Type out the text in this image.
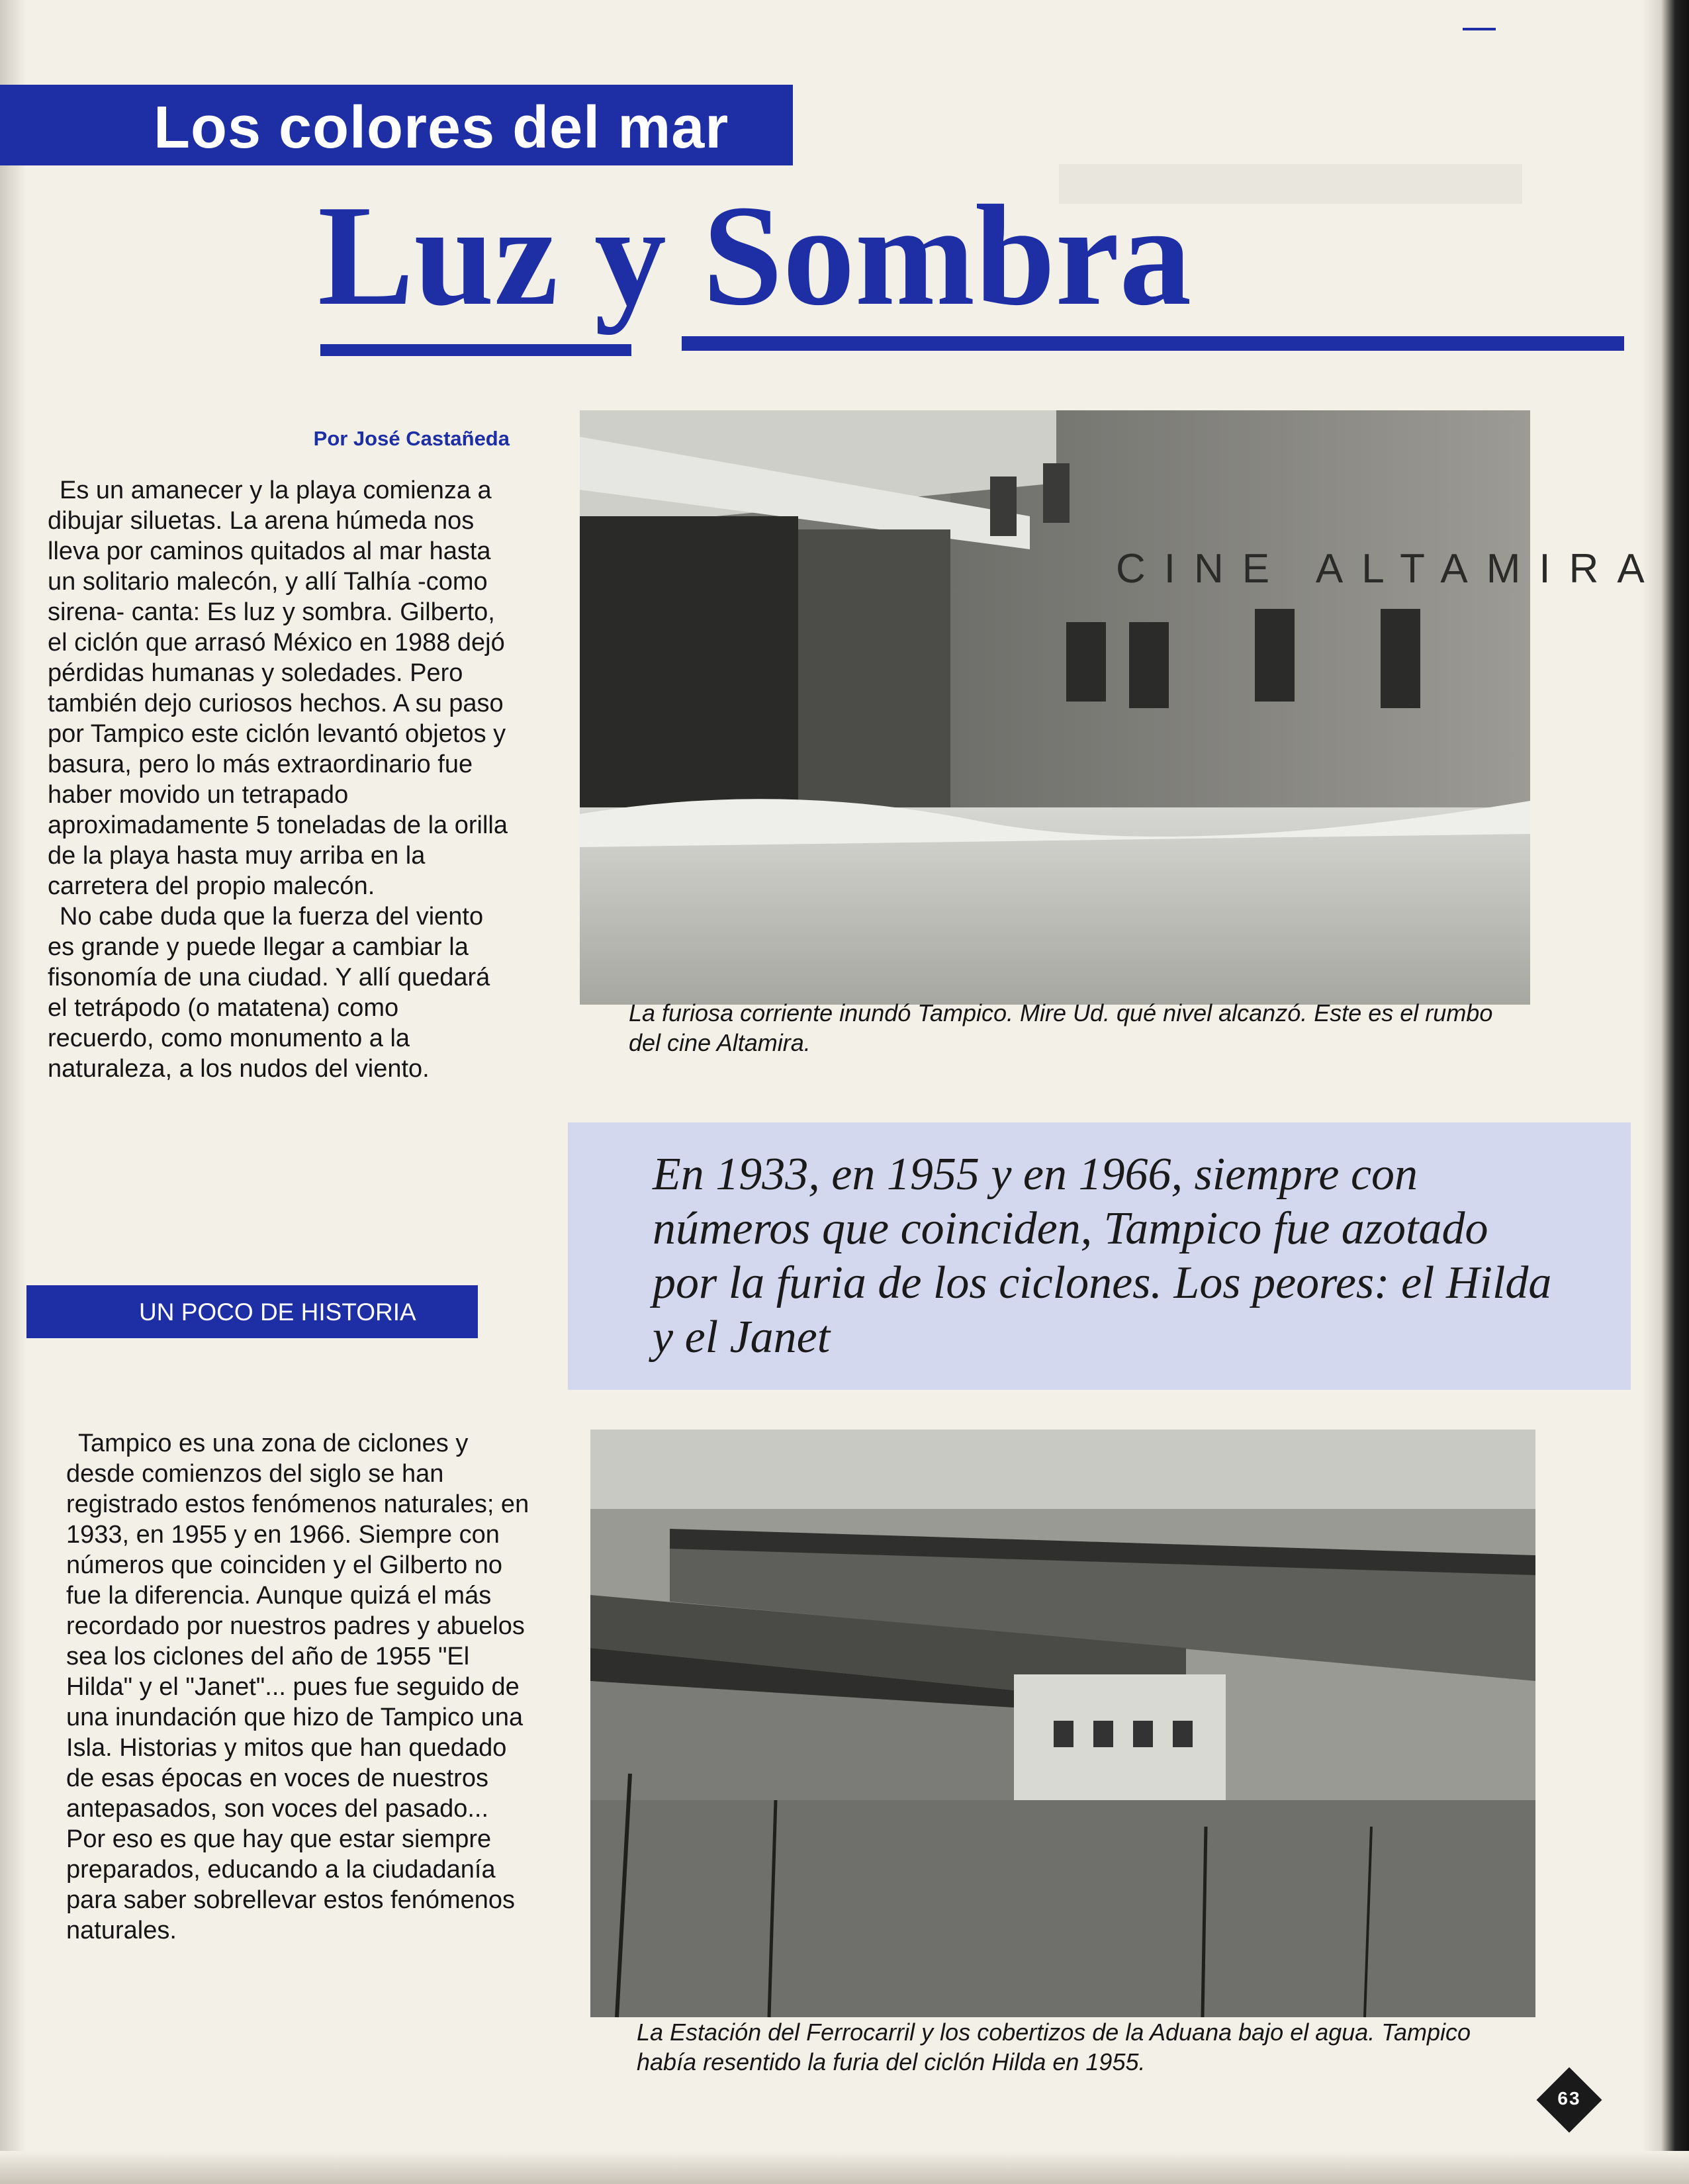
Los colores del mar
Luz y Sombra
Por José Castañeda

Es un amanecer y la playa comienza a dibujar siluetas. La arena húmeda nos lleva por caminos quitados al mar hasta un solitario malecón, y allí Talhía -como sirena- canta: Es luz y sombra. Gilberto, el ciclón que arrasó México en 1988 dejó pérdidas humanas y soledades. Pero también dejo curiosos hechos. A su paso por Tampico este ciclón levantó objetos y basura, pero lo más extraordinario fue haber movido un tetrapado aproximadamente 5 toneladas de la orilla de la playa hasta muy arriba en la carretera del propio malecón.

No cabe duda que la fuerza del viento es grande y puede llegar a cambiar la fisonomía de una ciudad. Y allí quedará el tetrápodo (o matatena) como recuerdo, como monumento a la naturaleza, a los nudos del viento.

UN POCO DE HISTORIA

Tampico es una zona de ciclones y desde comienzos del siglo se han registrado estos fenómenos naturales; en 1933, en 1955 y en 1966. Siempre con números que coinciden y el Gilberto no fue la diferencia. Aunque quizá el más recordado por nuestros padres y abuelos sea los ciclones del año de 1955 "El Hilda" y el "Janet"... pues fue seguido de una inundación que hizo de Tampico una Isla. Historias y mitos que han quedado de esas épocas en voces de nuestros antepasados, son voces del pasado... Por eso es que hay que estar siempre preparados, educando a la ciudadanía para saber sobrellevar estos fenómenos naturales.

CINE ALTAMIRA
La furiosa corriente inundó Tampico. Mire Ud. qué nivel alcanzó. Este es el rumbo del cine Altamira.
En 1933, en 1955 y en 1966, siempre con números que coinciden, Tampico fue azotado por la furia de los ciclones. Los peores: el Hilda y el Janet
La Estación del Ferrocarril y los cobertizos de la Aduana bajo el agua. Tampico había resentido la furia del ciclón Hilda en 1955.
63
